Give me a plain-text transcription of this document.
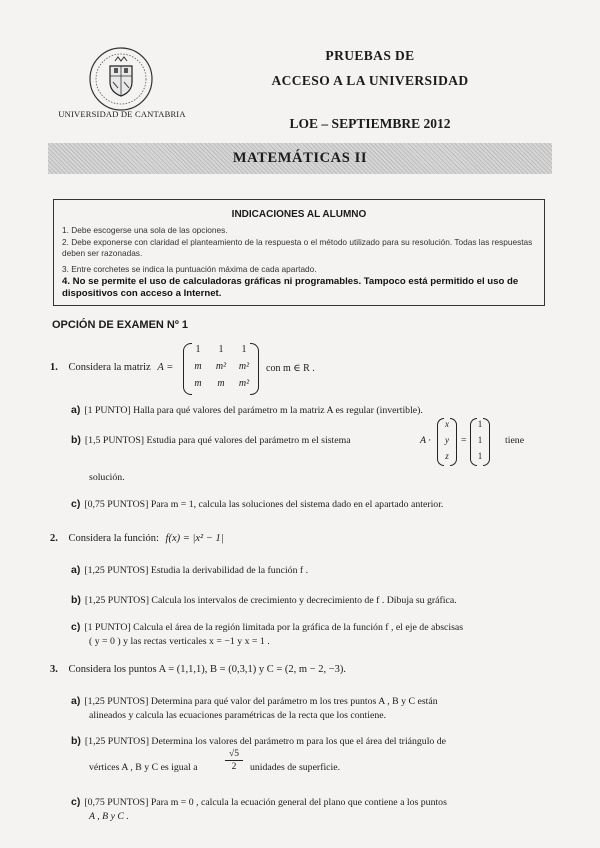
UNIVERSIDAD DE CANTABRIA
PRUEBAS DE
ACCESO A LA UNIVERSIDAD
LOE – SEPTIEMBRE 2012
MATEMÁTICAS II
INDICACIONES AL ALUMNO
1. Debe escogerse una sola de las opciones.
2. Debe exponerse con claridad el planteamiento de la respuesta o el método utilizado para su resolución. Todas las respuestas deben ser razonadas.
3. Entre corchetes se indica la puntuación máxima de cada apartado.
4. No se permite el uso de calculadoras gráficas ni programables. Tampoco está permitido el uso de dispositivos con acceso a Internet.
OPCIÓN DE EXAMEN Nº 1
1. Considera la matriz A =
1	1	1
m	m²	m²
m	m	m²
con m ∈ R .
a) [1 PUNTO] Halla para qué valores del parámetro m la matriz A es regular (invertible).
b) [1,5 PUNTOS] Estudia para qué valores del parámetro m el sistema	A ·
x
y
z
=
1
1
1
tiene
solución.
c) [0,75 PUNTOS] Para m = 1, calcula las soluciones del sistema dado en el apartado anterior.
2. Considera la función: f(x) = |x² − 1|
a) [1,25 PUNTOS] Estudia la derivabilidad de la función f .
b) [1,25 PUNTOS] Calcula los intervalos de crecimiento y decrecimiento de f . Dibuja su gráfica.
c) [1 PUNTO] Calcula el área de la región limitada por la gráfica de la función f , el eje de abscisas
( y = 0 ) y las rectas verticales x = −1 y x = 1 .
3. Considera los puntos A = (1,1,1), B = (0,3,1) y C = (2, m − 2, −3).
a) [1,25 PUNTOS] Determina para qué valor del parámetro m los tres puntos A , B y C están
alineados y calcula las ecuaciones paramétricas de la recta que los contiene.
b) [1,25 PUNTOS] Determina los valores del parámetro m para los que el área del triángulo de
vértices A , B y C es igual a
√5
2	unidades de superficie.
c) [0,75 PUNTOS] Para m = 0 , calcula la ecuación general del plano que contiene a los puntos
A , B y C .
